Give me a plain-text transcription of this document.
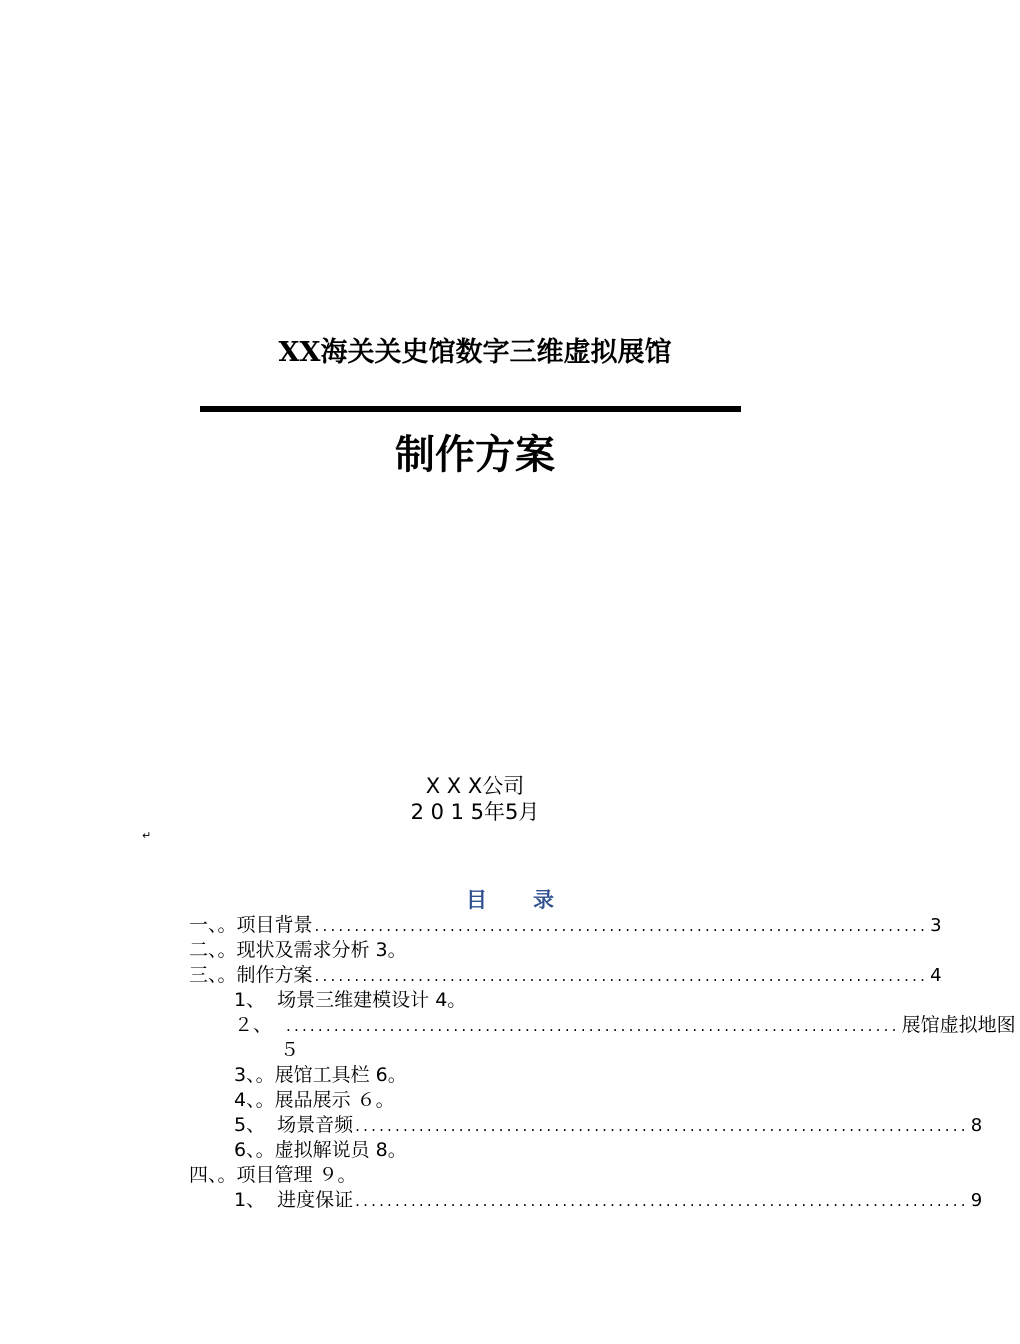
XX海关关史馆数字三维虚拟展馆
制作方案
X X X公司
2 0 1 5年5月
↵
目 录
一、。项目背景 ............................................................................. 3
二、。现状及需求分析 3。
三、。制作方案 ............................................................................. 4
1、  场景三维建模设计 4。
２、 ............................................................................. 展馆虚拟地图
５
3、。展馆工具栏 6。
4、。展品展示 ６。
5、  场景音频 ............................................................................. 8
6、。虚拟解说员 8。
四、。项目管理 ９。
1、  进度保证 ............................................................................. 9
